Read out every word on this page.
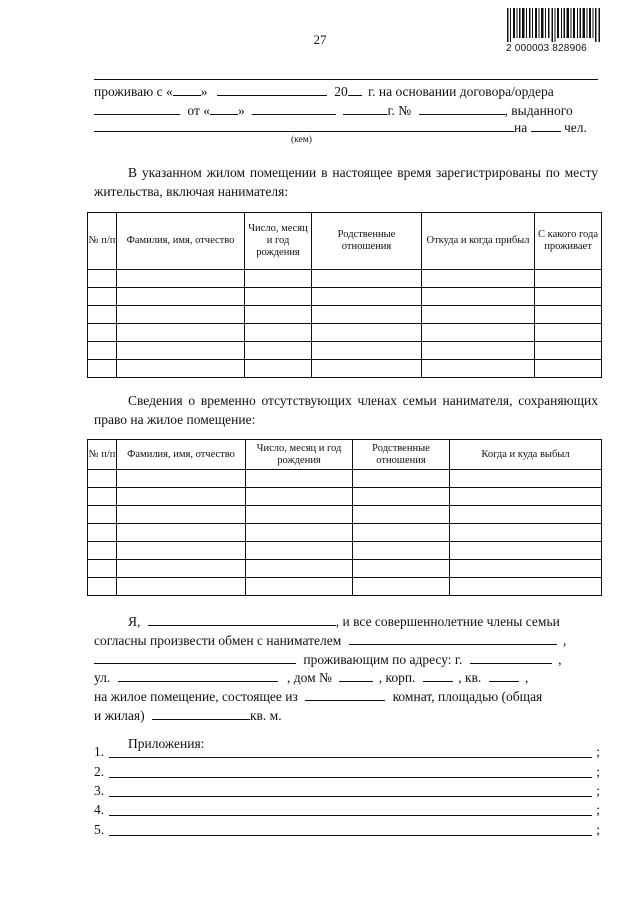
27
2 000003 828906
проживаю с « »	20 г. на основании договора/ордера
от « »	г. №	, выданного
на	чел.
(кем)

В указанном жилом помещении в настоящее время зарегистрированы по месту жительства, включая нанимателя:

№ п/п	Фамилия, имя, отчество	Число, месяц и год рождения	Родственные отношения	Откуда и когда прибыл	С какого года проживает

Сведения о временно отсутствующих членах семьи нанимателя, сохраняющих право на жилое помещение:

№ п/п	Фамилия, имя, отчество	Число, месяц и год рождения	Родственные отношения	Когда и куда выбыл

Я,	, и все совершеннолетние члены семьи
согласны произвести обмен с нанимателем	,
проживающим по адресу: г.	,
ул.	, дом №	, корп.	, кв.	,
на жилое помещение, состоящее из	комнат, площадью (общая
и жилая)	кв. м.
Приложения:
1.	;
2.	;
3.	;
4.	;
5.	;
